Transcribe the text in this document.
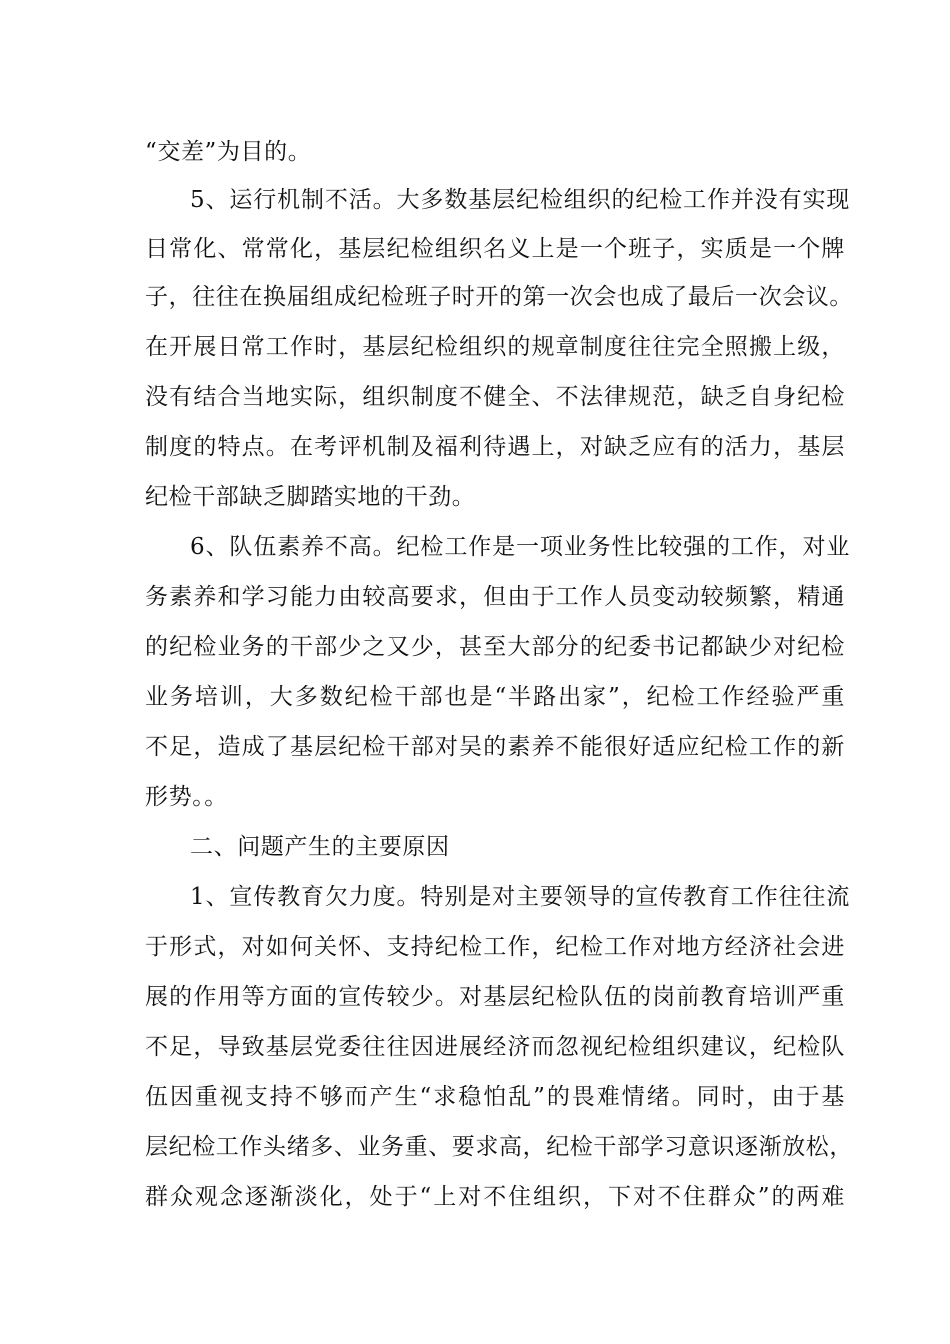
“交差”为目的。
5、运行机制不活。大多数基层纪检组织的纪检工作并没有实现
日常化、常常化，基层纪检组织名义上是一个班子，实质是一个牌
子，往往在换届组成纪检班子时开的第一次会也成了最后一次会议。
在开展日常工作时，基层纪检组织的规章制度往往完全照搬上级，
没有结合当地实际，组织制度不健全、不法律规范，缺乏自身纪检
制度的特点。在考评机制及福利待遇上，对缺乏应有的活力，基层
纪检干部缺乏脚踏实地的干劲。
6、队伍素养不高。纪检工作是一项业务性比较强的工作，对业
务素养和学习能力由较高要求，但由于工作人员变动较频繁，精通
的纪检业务的干部少之又少，甚至大部分的纪委书记都缺少对纪检
业务培训，大多数纪检干部也是“半路出家”，纪检工作经验严重
不足，造成了基层纪检干部对吴的素养不能很好适应纪检工作的新
形势。。
二、问题产生的主要原因
1、宣传教育欠力度。特别是对主要领导的宣传教育工作往往流
于形式，对如何关怀、支持纪检工作，纪检工作对地方经济社会进
展的作用等方面的宣传较少。对基层纪检队伍的岗前教育培训严重
不足，导致基层党委往往因进展经济而忽视纪检组织建议，纪检队
伍因重视支持不够而产生“求稳怕乱”的畏难情绪。同时，由于基
层纪检工作头绪多、业务重、要求高，纪检干部学习意识逐渐放松，
群众观念逐渐淡化，处于“上对不住组织，下对不住群众”的两难
